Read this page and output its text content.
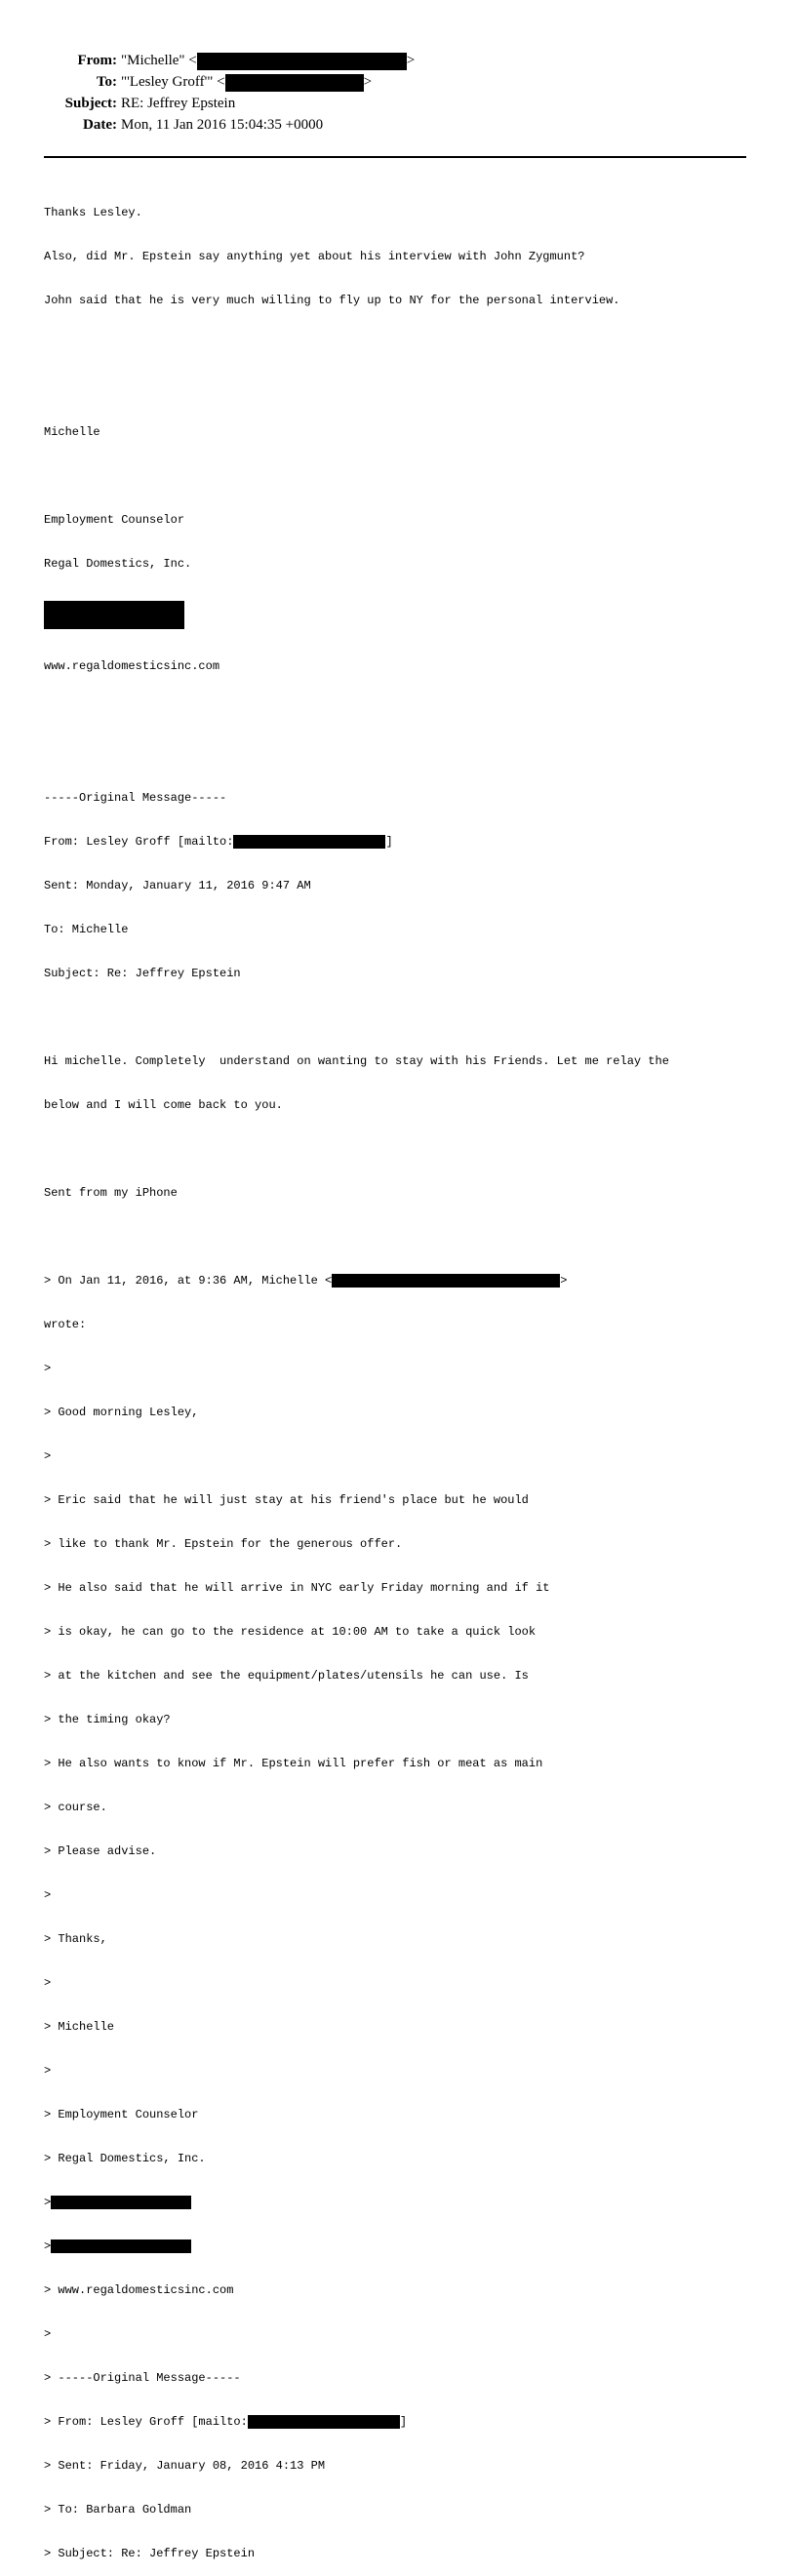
From: "Michelle" <	>
To: "'Lesley Groff'" <	>
Subject: RE: Jeffrey Epstein
Date: Mon, 11 Jan 2016 15:04:35 +0000

Thanks Lesley.

Also, did Mr. Epstein say anything yet about his interview with John Zygmunt?

John said that he is very much willing to fly up to NY for the personal interview.

Michelle

Employment Counselor

Regal Domestics, Inc.

www.regaldomesticsinc.com

-----Original Message-----

From: Lesley Groff [mailto:	]

Sent: Monday, January 11, 2016 9:47 AM

To: Michelle

Subject: Re: Jeffrey Epstein

Hi michelle. Completely  understand on wanting to stay with his Friends. Let me relay the

below and I will come back to you.

Sent from my iPhone

> On Jan 11, 2016, at 9:36 AM, Michelle <	>

wrote:

>

> Good morning Lesley,

>

> Eric said that he will just stay at his friend's place but he would

> like to thank Mr. Epstein for the generous offer.

> He also said that he will arrive in NYC early Friday morning and if it

> is okay, he can go to the residence at 10:00 AM to take a quick look

> at the kitchen and see the equipment/plates/utensils he can use. Is

> the timing okay?

> He also wants to know if Mr. Epstein will prefer fish or meat as main

> course.

> Please advise.

>

> Thanks,

>

> Michelle

>

> Employment Counselor

> Regal Domestics, Inc.

>

>

> www.regaldomesticsinc.com

>

> -----Original Message-----

> From: Lesley Groff [mailto:	]

> Sent: Friday, January 08, 2016 4:13 PM

> To: Barbara Goldman

> Subject: Re: Jeffrey Epstein
